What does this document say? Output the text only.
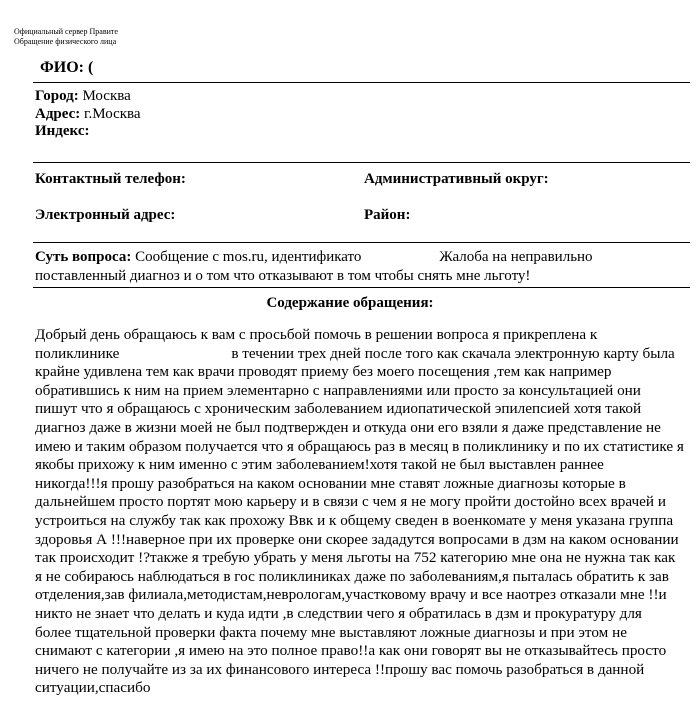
Официальный сервер Правите
Обращение физического лица
ФИО: (
Город: Москва
Адрес: г.Москва
Индекс:
Контактный телефон:	Административный округ:
Электронный адрес:	Район:
Суть вопроса: Сообщение с mos.ru, идентификато	Жалоба на неправильно
поставленный диагноз и о том что отказывают в том чтобы снять мне льготу!
Содержание обращения:
Добрый день обращаюсь к вам с просьбой помочь в решении вопроса я прикреплена к
поликлинике	в течении трех дней после того как скачала электронную карту была
крайне удивлена тем как врачи проводят приему без моего посещения ,тем как например
обратившись к ним на прием элементарно с направлениями или просто за консультацией они
пишут что я обращаюсь с хроническим заболеванием идиопатической эпилепсией хотя такой
диагноз даже в жизни моей не был подтвержден и откуда они его взяли я даже представление не
имею и таким образом получается что я обращаюсь раз в месяц в поликлинику и по их статистике я
якобы прихожу к ним именно с этим заболеванием!хотя такой не был выставлен раннее
никогда!!!я прошу разобраться на каком основании мне ставят ложные диагнозы которые в
дальнейшем просто портят мою карьеру и в связи с чем я не могу пройти достойно всех врачей и
устроиться на службу так как прохожу Ввк и к общему сведен в военкомате у меня указана группа
здоровья А !!!наверное при их проверке они скорее зададутся вопросами в дзм на каком основании
так происходит !?также я требую убрать у меня льготы на 752 категорию мне она не нужна так как
я не собираюсь наблюдаться в гос поликлиниках даже по заболеваниям,я пыталась обратить к зав
отделения,зав филиала,методистам,неврологам,участковому врачу и все наотрез отказали мне !!и
никто не знает что делать и куда идти ,в следствии чего я обратилась в дзм и прокуратуру для
более тщательной проверки факта почему мне выставляют ложные диагнозы и при этом не
снимают с категории ,я имею на это полное право!!а как они говорят вы не отказывайтесь просто
ничего не получайте из за их финансового интереса !!прошу вас помочь разобраться в данной
ситуации,спасибо
